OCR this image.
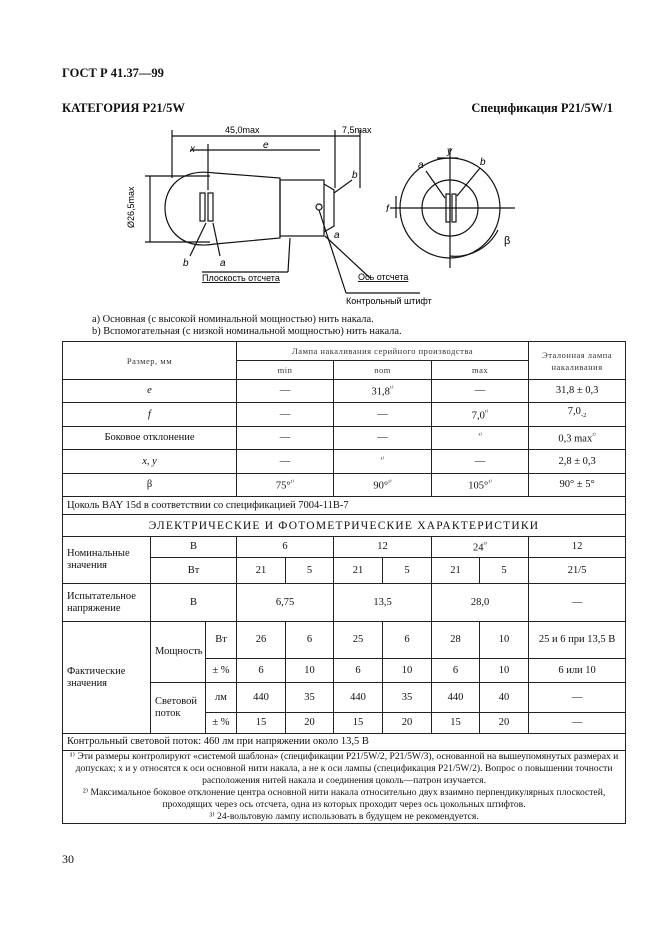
ГОСТ Р 41.37—99
КАТЕГОРИЯ P21/5W	Спецификация P21/5W/1
45,0max	7,5max
Ø26,5max
x	e
b	a
Плоскость отсчета	Ось отсчета
Контрольный штифт
b
a
y
f
a	b
β
a) Основная (с высокой номинальной мощностью) нить накала.
b) Вспомогательная (с низкой номинальной мощностью) нить накала.
Размер, мм			Лампа накаливания серийного производства						Эталонная лампа накаливания
			min		nom		max		
e			—		$31,8^{^{1)}}$		—		31,8 ± 0,3
f			—		—		$7,0^{^{1)}}$		$7,0_{-2}$
Боковое отклонение			—		—		$^{^{1)}}$		0,3 $\max^{^{2)}}$
x, y			—		$^{^{1)}}$		—		2,8 ± 0,3
β			75°$^{^{1)}}$		90°$^{^{1)}}$		105°$^{^{1)}}$		90° ± 5°
Цоколь BAY 15d в соответствии со спецификацией 7004-11B-7									
ЭЛЕКТРИЧЕСКИЕ И ФОТОМЕТРИЧЕСКИЕ ХАРАКТЕРИСТИКИ									
Номинальные значения	В		6		12		$24^{^{3)}}$		12
	Вт		21	5	21	5	21	5	21/5
Испытательное напряжение	В		6,75		13,5		28,0		—
Фактические значения	Мощность	Вт	26	6	25	6	28	10	25 и 6 при 13,5 В
		± %	6	10	6	10	6	10	6 или 10
	Световой поток	лм	440	35	440	35	440	40	—
		± %	15	20	15	20	15	20	—
Контрольный световой поток: 460 лм при напряжении около 13,5 В									

¹⁾ Эти размеры контролируют «системой шаблона» (спецификации P21/5W/2, P21/5W/3), основанной на вышеупомянутых размерах и допусках; x и y относятся к оси основной нити накала, а не к оси лампы (спецификация P21/5W/2). Вопрос о повышении точности расположения нитей накала и соединения цоколь—патрон изучается.

²⁾ Максимальное боковое отклонение центра основной нити накала относительно двух взаимно перпендикулярных плоскостей, проходящих через ось отсчета, одна из которых проходит через ось цокольных штифтов.

³⁾ 24-вольтовую лампу использовать в будущем не рекомендуется.									

30
